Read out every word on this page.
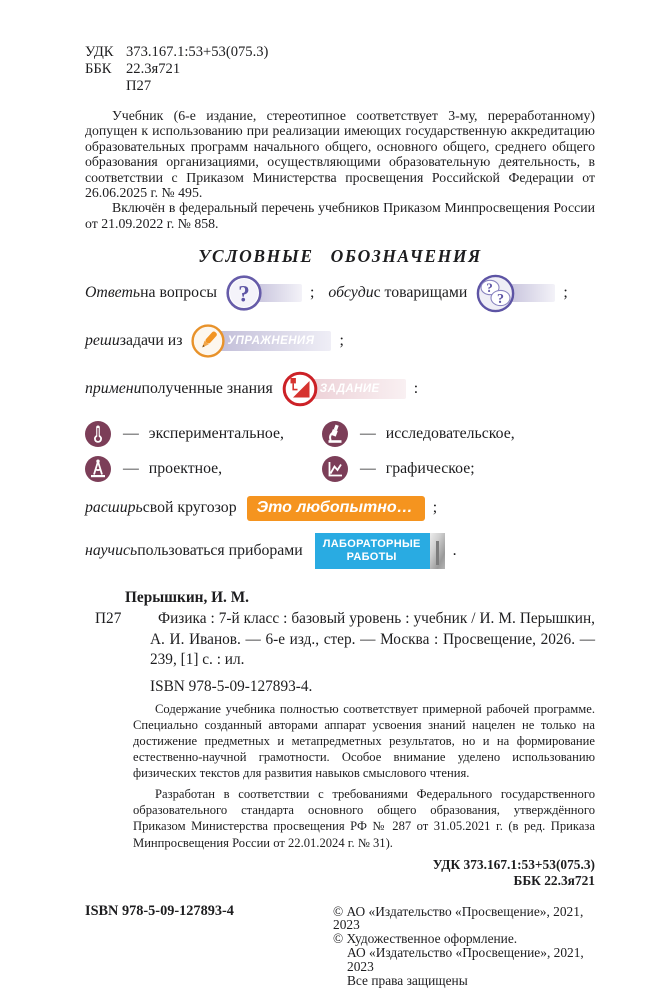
УДК 373.167.1:53+53(075.3)
ББК 22.3я721
П27

Учебник (6-е издание, стереотипное соответствует 3-му, переработанному) допущен к использованию при реализации имеющих государственную аккредитацию образовательных программ начального общего, основного общего, среднего общего образования организациями, осуществляющими образовательную деятельность, в соответствии с Приказом Министерства просвещения Российской Федерации от 26.06.2025 г. № 495.

Включён в федеральный перечень учебников Приказом Минпросвещения России от 21.09.2022 г. № 858.

УСЛОВНЫЕ ОБОЗНАЧЕНИЯ
Ответь на вопросы ?	; обсуди с товарищами ?
?	;
реши задачи из	УПРАЖНЕНИЯ	;
примени полученные знания	ЗАДАНИЕ	:
— экспериментальное,	— исследовательское,
— проектное,	— графическое;
расширь свой кругозор	Это любопытно…	;
научись пользоваться приборами ЛАБОРАТОРНЫЕ
РАБОТЫ	.
Перышкин, И. М.
П27 Физика : 7-й класс : базовый уровень : учебник / И. М. Перышкин, А. И. Иванов. — 6-е изд., стер. — Москва : Просвещение, 2026. — 239, [1] с. : ил.
ISBN 978-5-09-127893-4.

Содержание учебника полностью соответствует примерной рабочей программе. Специально созданный авторами аппарат усвоения знаний нацелен не только на достижение предметных и метапредметных результатов, но и на формирование естественно-научной грамотности. Особое внимание уделено использованию физических текстов для развития навыков смыслового чтения.

Разработан в соответствии с требованиями Федерального государственного образовательного стандарта основного общего образования, утверждённого Приказом Министерства просвещения РФ № 287 от 31.05.2021 г. (в ред. Приказа Минпросвещения России от 22.01.2024 г. № 31).

УДК 373.167.1:53+53(075.3)
ББК 22.3я721
ISBN 978-5-09-127893-4	© АО «Издательство «Просвещение», 2021, 2023
© Художественное оформление.
АО «Издательство «Просвещение», 2021, 2023
Все права защищены
